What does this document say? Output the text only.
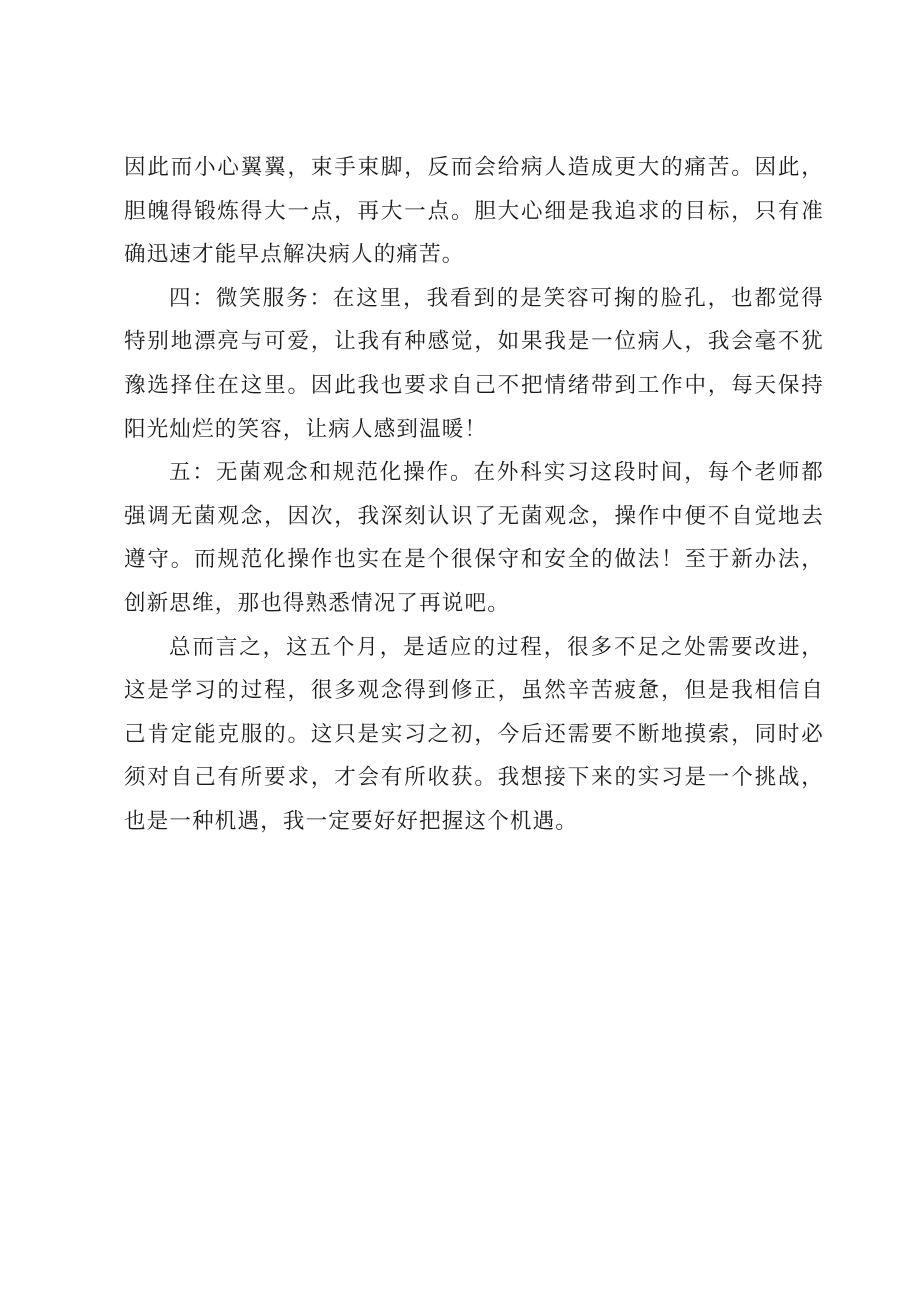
因此而小心翼翼，束手束脚，反而会给病人造成更大的痛苦。因此，
胆魄得锻炼得大一点，再大一点。胆大心细是我追求的目标，只有准
确迅速才能早点解决病人的痛苦。
四：微笑服务：在这里，我看到的是笑容可掬的脸孔，也都觉得
特别地漂亮与可爱，让我有种感觉，如果我是一位病人，我会毫不犹
豫选择住在这里。因此我也要求自己不把情绪带到工作中，每天保持
阳光灿烂的笑容，让病人感到温暖！
五：无菌观念和规范化操作。在外科实习这段时间，每个老师都
强调无菌观念，因次，我深刻认识了无菌观念，操作中便不自觉地去
遵守。而规范化操作也实在是个很保守和安全的做法！至于新办法，
创新思维，那也得熟悉情况了再说吧。
总而言之，这五个月，是适应的过程，很多不足之处需要改进，
这是学习的过程，很多观念得到修正，虽然辛苦疲惫，但是我相信自
己肯定能克服的。这只是实习之初，今后还需要不断地摸索，同时必
须对自己有所要求，才会有所收获。我想接下来的实习是一个挑战，
也是一种机遇，我一定要好好把握这个机遇。
